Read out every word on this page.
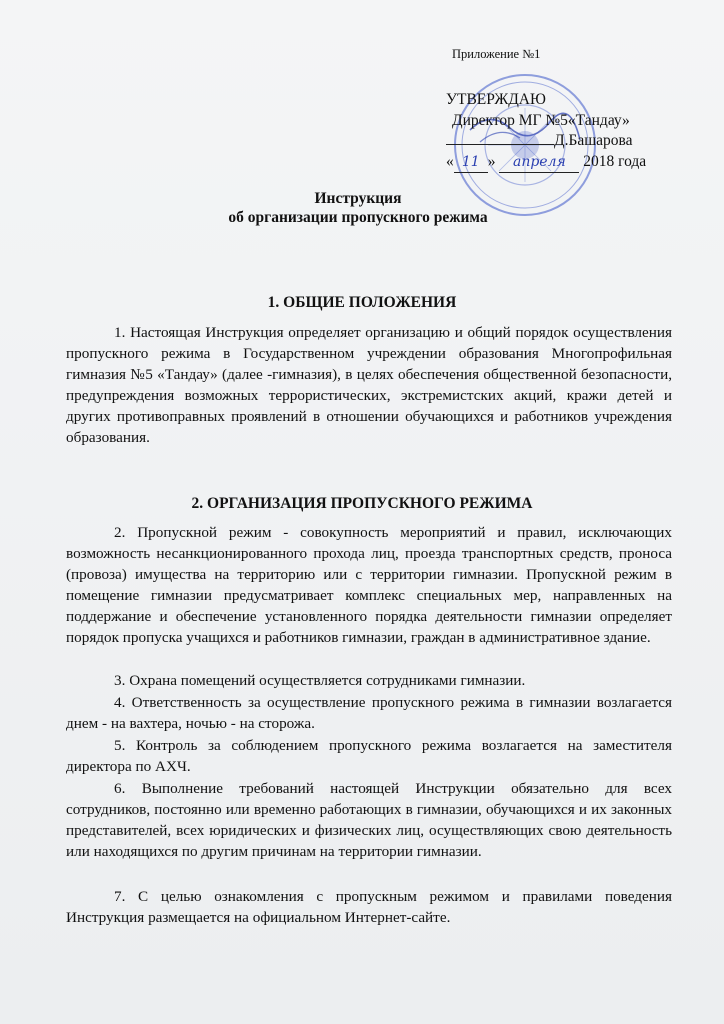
Приложение №1
УТВЕРЖДАЮ
Директор МГ №5«Тандау»
Д.Башарова
« 11 » апреля 2018 года
Инструкция
об организации пропускного режима
1. ОБЩИЕ ПОЛОЖЕНИЯ
1. Настоящая Инструкция определяет организацию и общий порядок осуществления пропускного режима в Государственном учреждении образования Многопрофильная гимназия №5 «Тандау» (далее -гимназия), в целях обеспечения общественной безопасности, предупреждения возможных террористических, экстремистских акций, кражи детей и других противоправных проявлений в отношении обучающихся и работников учреждения образования.
2. ОРГАНИЗАЦИЯ ПРОПУСКНОГО РЕЖИМА
2. Пропускной режим - совокупность мероприятий и правил, исключающих возможность несанкционированного прохода лиц, проезда транспортных средств, проноса (провоза) имущества на территорию или с территории гимназии. Пропускной режим в помещение гимназии предусматривает комплекс специальных мер, направленных на поддержание и обеспечение установленного порядка деятельности гимназии определяет порядок пропуска учащихся и работников гимназии, граждан в административное здание.
3. Охрана помещений осуществляется сотрудниками гимназии.
4. Ответственность за осуществление пропускного режима в гимназии возлагается днем - на вахтера, ночью - на сторожа.
5. Контроль за соблюдением пропускного режима возлагается на заместителя директора по АХЧ.
6. Выполнение требований настоящей Инструкции обязательно для всех сотрудников, постоянно или временно работающих в гимназии, обучающихся и их законных представителей, всех юридических и физических лиц, осуществляющих свою деятельность или находящихся по другим причинам на территории гимназии.
7. С целью ознакомления с пропускным режимом и правилами поведения Инструкция размещается на официальном Интернет-сайте.
